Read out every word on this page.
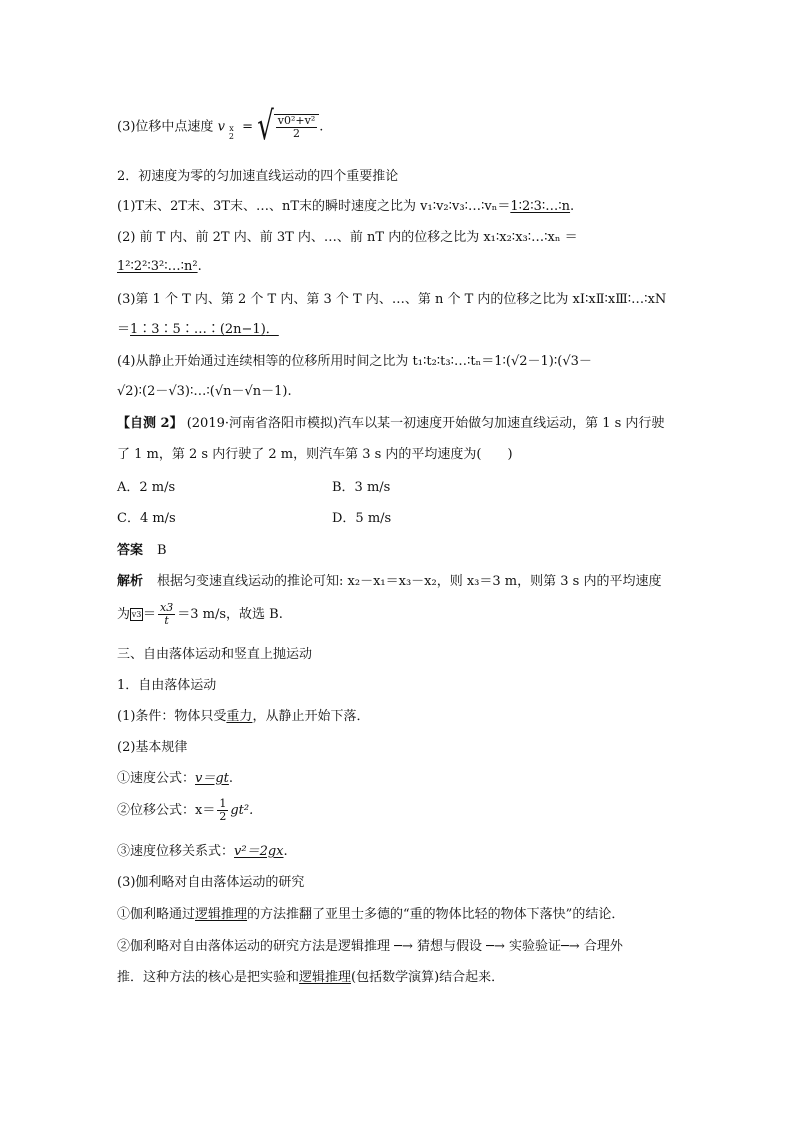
(3)位移中点速度 v x
2
= √ $\frac{\text{v0²+v²}}{2}$ .
2．初速度为零的匀加速直线运动的四个重要推论
(1)T末、2T末、3T末、…、nT末的瞬时速度之比为 v₁∶v₂∶v₃∶…∶vₙ＝1∶2∶3∶…∶n.
(2) 前 T 内、前 2T 内、前 3T 内、…、前 nT 内的位移之比为 x₁∶x₂∶x₃∶…∶xₙ ＝
1²∶2²∶3²∶…∶n².
(3)第 1 个 T 内、第 2 个 T 内、第 3 个 T 内、…、第 n 个 T 内的位移之比为 xⅠ∶xⅡ∶xⅢ∶…∶xN
＝1∶3∶5∶…∶(2n−1)．
(4)从静止开始通过连续相等的位移所用时间之比为 t₁∶t₂∶t₃∶…∶tₙ＝1∶(√2－1)∶(√3－
√2)∶(2－√3)∶…∶(√n－√n－1).
【自测 2】 (2019·河南省洛阳市模拟)汽车以某一初速度开始做匀加速直线运动，第 1 s 内行驶
了 1 m，第 2 s 内行驶了 2 m，则汽车第 3 s 内的平均速度为(　　)
A．2 m/s	B．3 m/s
C．4 m/s	D．5 m/s
答案 B
解析 根据匀变速直线运动的推论可知: x₂－x₁＝x₃－x₂，则 x₃＝3 m，则第 3 s 内的平均速度
为 $v3 = \frac{x3}{t} =3$ m/s，故选 B.
三、自由落体运动和竖直上抛运动
1．自由落体运动
(1)条件：物体只受重力，从静止开始下落．
(2)基本规律
①速度公式：v＝gt.
②位移公式：$x= \frac{1}{2} gt^2$.
③速度位移关系式：v²＝2gx.
(3)伽利略对自由落体运动的研究
①伽利略通过逻辑推理的方法推翻了亚里士多德的“重的物体比轻的物体下落快”的结论．
②伽利略对自由落体运动的研究方法是逻辑推理 ─→ 猜想与假设 ─→ 实验验证─→ 合理外
推．这种方法的核心是把实验和逻辑推理(包括数学演算)结合起来．
